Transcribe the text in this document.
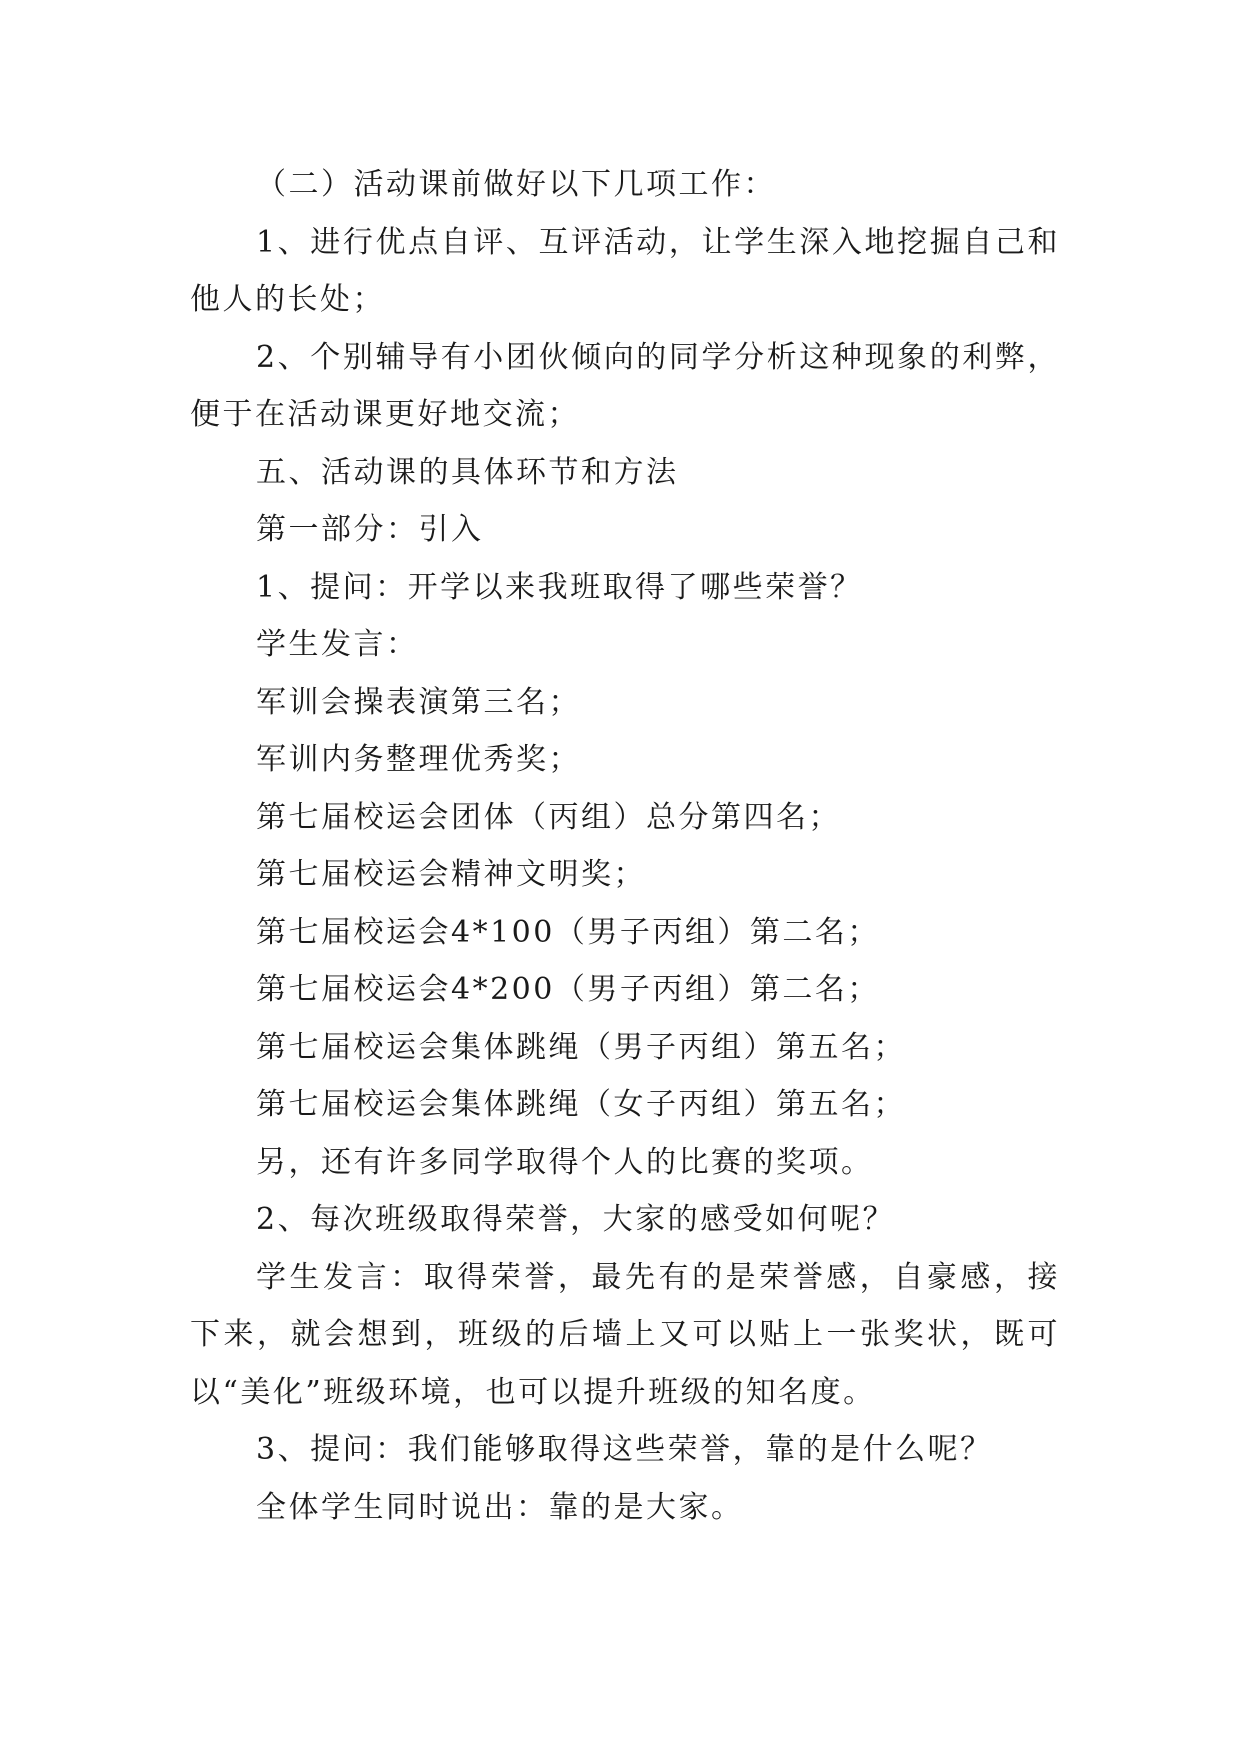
（二）活动课前做好以下几项工作：

1、进行优点自评、互评活动，让学生深入地挖掘自己和他人的长处；

2、个别辅导有小团伙倾向的同学分析这种现象的利弊，便于在活动课更好地交流；

五、活动课的具体环节和方法

第一部分：引入

1、提问：开学以来我班取得了哪些荣誉？

学生发言：

军训会操表演第三名；

军训内务整理优秀奖；

第七届校运会团体（丙组）总分第四名；

第七届校运会精神文明奖；

第七届校运会4*100（男子丙组）第二名；

第七届校运会4*200（男子丙组）第二名；

第七届校运会集体跳绳（男子丙组）第五名；

第七届校运会集体跳绳（女子丙组）第五名；

另，还有许多同学取得个人的比赛的奖项。

2、每次班级取得荣誉，大家的感受如何呢？

学生发言：取得荣誉，最先有的是荣誉感，自豪感，接下来，就会想到，班级的后墙上又可以贴上一张奖状，既可以“美化”班级环境，也可以提升班级的知名度。

3、提问：我们能够取得这些荣誉，靠的是什么呢？

全体学生同时说出：靠的是大家。
